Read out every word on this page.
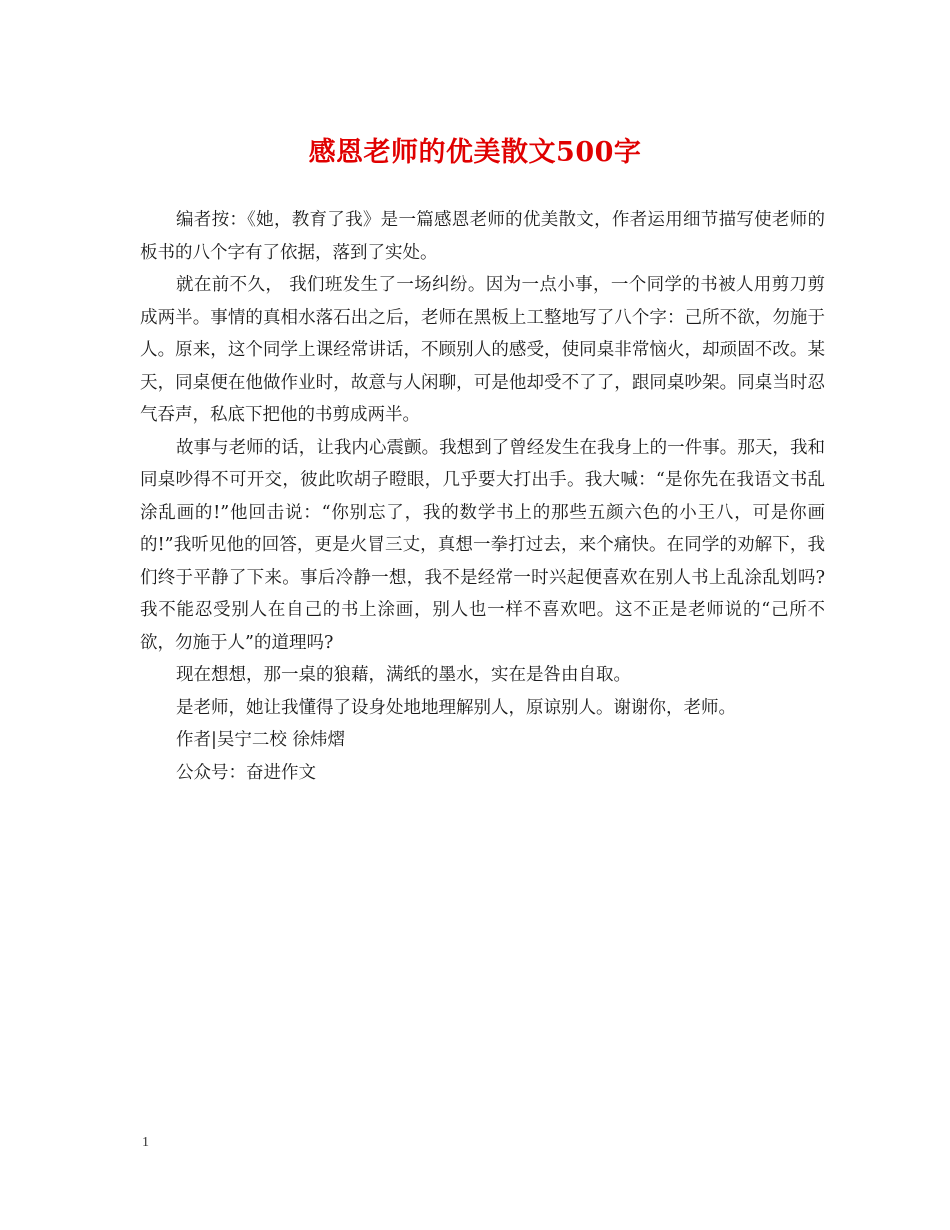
感恩老师的优美散文500字

编者按：《她，教育了我》是一篇感恩老师的优美散文，作者运用细节描写使老师的板书的八个字有了依据，落到了实处。

就在前不久， 我们班发生了一场纠纷。因为一点小事，一个同学的书被人用剪刀剪成两半。事情的真相水落石出之后，老师在黑板上工整地写了八个字：己所不欲，勿施于人。原来，这个同学上课经常讲话，不顾别人的感受，使同桌非常恼火，却顽固不改。某天，同桌便在他做作业时，故意与人闲聊，可是他却受不了了，跟同桌吵架。同桌当时忍气吞声，私底下把他的书剪成两半。

故事与老师的话，让我内心震颤。我想到了曾经发生在我身上的一件事。那天，我和同桌吵得不可开交，彼此吹胡子瞪眼，几乎要大打出手。我大喊：“是你先在我语文书乱涂乱画的!”他回击说：“你别忘了，我的数学书上的那些五颜六色的小王八，可是你画的!”我听见他的回答，更是火冒三丈，真想一拳打过去，来个痛快。在同学的劝解下，我们终于平静了下来。事后冷静一想，我不是经常一时兴起便喜欢在别人书上乱涂乱划吗?我不能忍受别人在自己的书上涂画，别人也一样不喜欢吧。这不正是老师说的“己所不欲，勿施于人”的道理吗?

现在想想，那一桌的狼藉，满纸的墨水，实在是咎由自取。

是老师，她让我懂得了设身处地地理解别人，原谅别人。谢谢你，老师。

作者|吴宁二校 徐炜熠

公众号：奋进作文

1
